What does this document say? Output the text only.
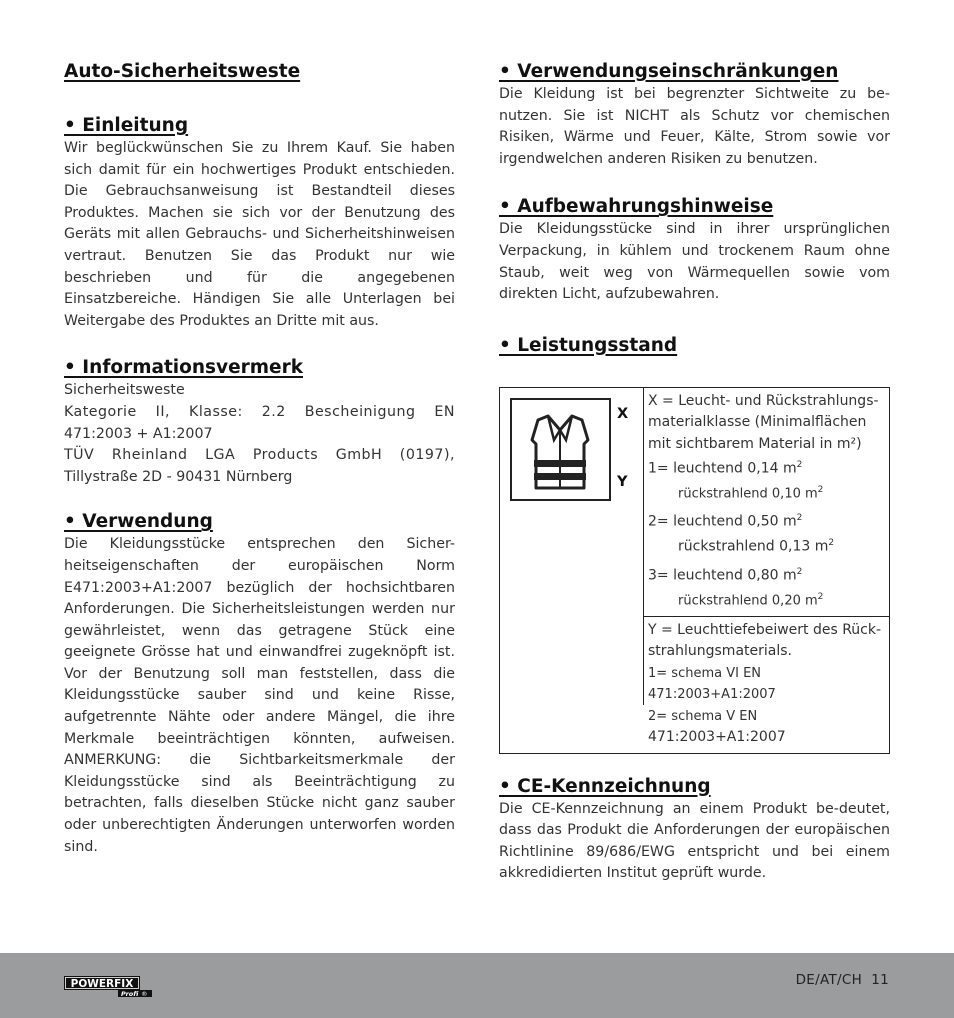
Auto-Sicherheitsweste
• Einleitung

Wir beglückwünschen Sie zu Ihrem Kauf. Sie haben sich damit für ein hochwertiges Produkt entschieden. Die Gebrauchsanweisung ist Bestandteil dieses Produktes. Machen sie sich vor der Benutzung des Geräts mit allen Gebrauchs- und Sicherheitshinweisen vertraut. Benutzen Sie das Produkt nur wie beschrieben und für die angegebenen Einsatzbereiche. Händigen Sie alle Unterlagen bei Weitergabe des Produktes an Dritte mit aus.

• Informationsvermerk

Sicherheitsweste
Kategorie II, Klasse: 2.2 Bescheinigung EN
471:2003 + A1:2007
TÜV Rheinland LGA Products GmbH (0197),
Tillystraße 2D - 90431 Nürnberg

• Verwendung

Die Kleidungsstücke entsprechen den Sicher-heitseigenschaften der europäischen Norm E471:2003+A1:2007 bezüglich der hochsichtbaren Anforderungen. Die Sicherheitsleistungen werden nur gewährleistet, wenn das getragene Stück eine geeignete Grösse hat und einwandfrei zugeknöpft ist. Vor der Benutzung soll man feststellen, dass die Kleidungsstücke sauber sind und keine Risse, aufgetrennte Nähte oder andere Mängel, die ihre Merkmale beeinträchtigen könnten, aufweisen. ANMERKUNG: die Sichtbarkeitsmerkmale der Kleidungsstücke sind als Beeinträchtigung zu betrachten, falls dieselben Stücke nicht ganz sauber oder unberechtigten Änderungen unterworfen worden sind.

• Verwendungseinschränkungen

Die Kleidung ist bei begrenzter Sichtweite zu be-nutzen. Sie ist NICHT als Schutz vor chemischen Risiken, Wärme und Feuer, Kälte, Strom sowie vor irgendwelchen anderen Risiken zu benutzen.

• Aufbewahrungshinweise

Die Kleidungsstücke sind in ihrer ursprünglichen Verpackung, in kühlem und trockenem Raum ohne Staub, weit weg von Wärmequellen sowie vom direkten Licht, aufzubewahren.

• Leistungsstand
X
Y
X = Leucht- und Rückstrahlungs-materialklasse (Minimalflächen mit sichtbarem Material in m²)
1= leuchtend 0,14 $m^2$
rückstrahlend 0,10 $m^2$
2= leuchtend 0,50 $m^2$
rückstrahlend 0,13 $m^2$
3= leuchtend 0,80 $m^2$
rückstrahlend 0,20 $m^2$
Y = Leuchttiefebeiwert des Rück-strahlungsmaterials.
1= schema VI EN 471:2003+A1:2007
2= schema V EN
471:2003+A1:2007
• CE-Kennzeichnung

Die CE-Kennzeichnung an einem Produkt be-deutet, dass das Produkt die Anforderungen der europäischen Richtlinine 89/686/EWG entspricht und bei einem akkredidierten Institut geprüft wurde.

POWERFIX
Profi ®
DE/AT/CH 11
